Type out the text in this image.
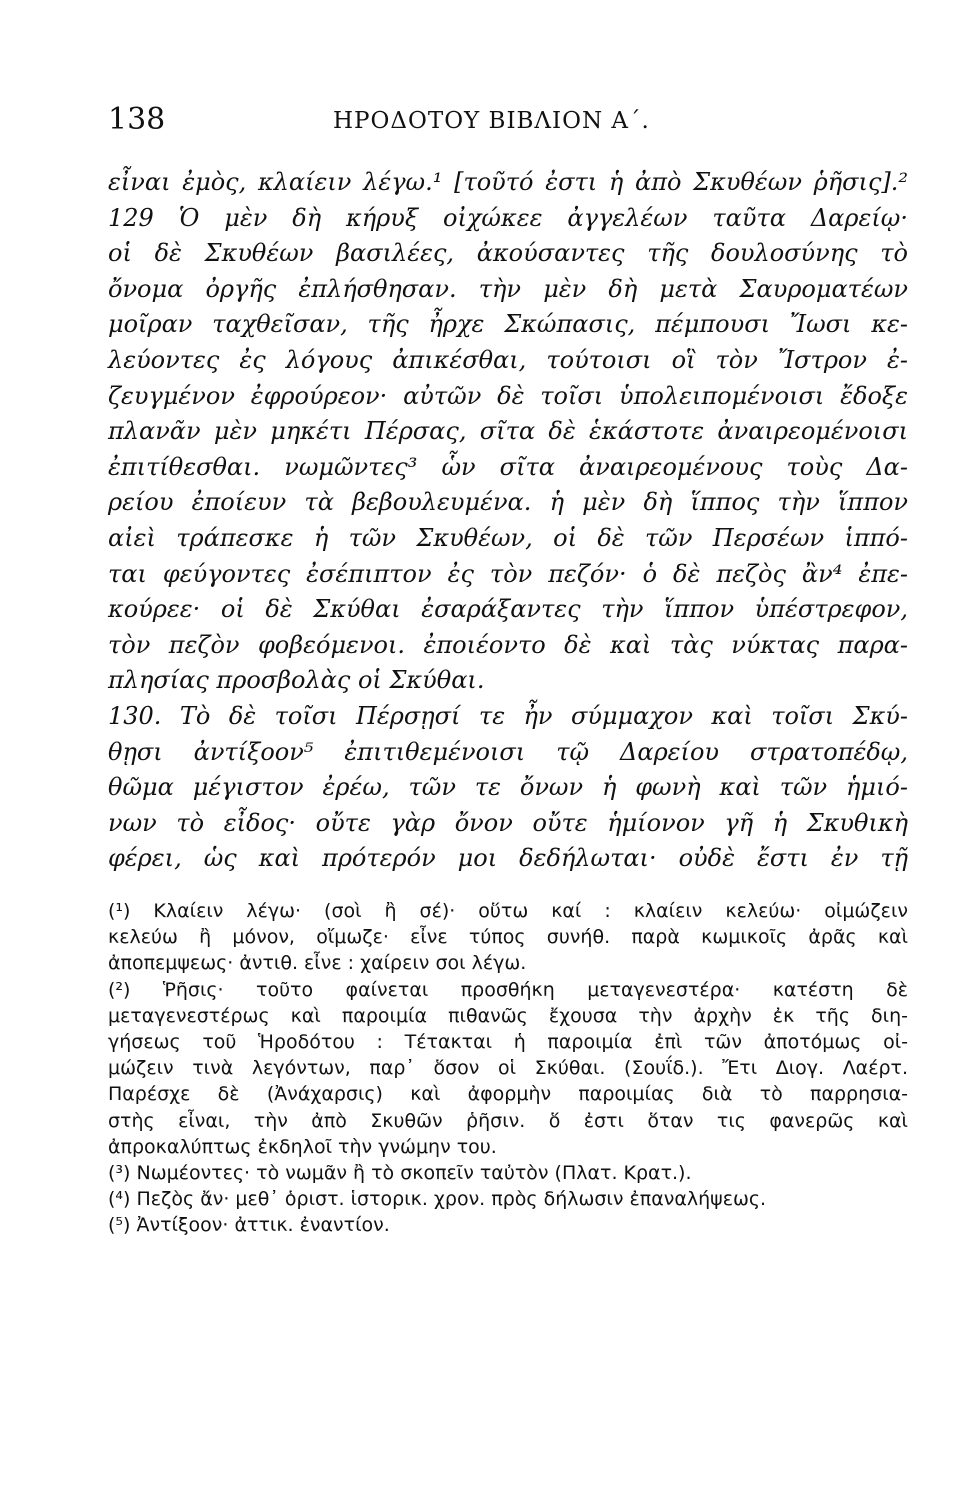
138	ΗΡΟΔΟΤΟΥ ΒΙΒΛΙΟΝ Α΄.
εἶναι ἐμὸς, κλαίειν λέγω.¹ [τοῦτό ἐστι ἡ ἀπὸ Σκυθέων ῥῆσις].²
129 Ὁ μὲν δὴ κήρυξ οἰχώκεε ἀγγελέων ταῦτα Δαρείῳ·
οἱ δὲ Σκυθέων βασιλέες, ἀκούσαντες τῆς δουλοσύνης τὸ
ὄνομα ὀργῆς ἐπλήσθησαν. τὴν μὲν δὴ μετὰ Σαυροματέων
μοῖραν ταχθεῖσαν, τῆς ἦρχε Σκώπασις, πέμπουσι Ἴωσι κε-
λεύοντες ἐς λόγους ἀπικέσθαι, τούτοισι οἳ τὸν Ἴστρον ἐ-
ζευγμένον ἐφρούρεον· αὐτῶν δὲ τοῖσι ὑπολειπομένοισι ἔδοξε
πλανᾶν μὲν μηκέτι Πέρσας, σῖτα δὲ ἑκάστοτε ἀναιρεομένοισι
ἐπιτίθεσθαι. νωμῶντες³ ὧν σῖτα ἀναιρεομένους τοὺς Δα-
ρείου ἐποίευν τὰ βεβουλευμένα. ἡ μὲν δὴ ἵππος τὴν ἵππον
αἰεὶ τράπεσκε ἡ τῶν Σκυθέων, οἱ δὲ τῶν Περσέων ἱππό-
ται φεύγοντες ἐσέπιπτον ἐς τὸν πεζόν· ὁ δὲ πεζὸς ἂν⁴ ἐπε-
κούρεε· οἱ δὲ Σκύθαι ἐσαράξαντες τὴν ἵππον ὑπέστρεφον,
τὸν πεζὸν φοβεόμενοι. ἐποιέοντο δὲ καὶ τὰς νύκτας παρα-
πλησίας προσβολὰς οἱ Σκύθαι.
130. Τὸ δὲ τοῖσι Πέρσῃσί τε ἦν σύμμαχον καὶ τοῖσι Σκύ-
θῃσι ἀντίξοον⁵ ἐπιτιθεμένοισι τῷ Δαρείου στρατοπέδῳ,
θῶμα μέγιστον ἐρέω, τῶν τε ὄνων ἡ φωνὴ καὶ τῶν ἡμιό-
νων τὸ εἶδος· οὔτε γὰρ ὄνον οὔτε ἡμίονον γῆ ἡ Σκυθικὴ
φέρει, ὡς καὶ πρότερόν μοι δεδήλωται· οὐδὲ ἔστι ἐν τῇ
(¹) Κλαίειν λέγω· (σοὶ ἢ σέ)· οὕτω καί : κλαίειν κελεύω· οἰμώζειν
κελεύω ἢ μόνον, οἴμωζε· εἶνε τύπος συνήθ. παρὰ κωμικοῖς ἀρᾶς καὶ
ἀποπεμψεως· ἀντιθ. εἶνε : χαίρειν σοι λέγω.
(²) Ῥῆσις· τοῦτο φαίνεται προσθήκη μεταγενεστέρα· κατέστη δὲ
μεταγενεστέρως καὶ παροιμία πιθανῶς ἔχουσα τὴν ἀρχὴν ἐκ τῆς διη-
γήσεως τοῦ Ἡροδότου : Τέτακται ἡ παροιμία ἐπὶ τῶν ἀποτόμως οἰ-
μώζειν τινὰ λεγόντων, παρ᾽ ὅσον οἱ Σκύθαι. (Σουΐδ.). Ἔτι Διογ. Λαέρτ.
Παρέσχε δὲ (Ἀνάχαρσις) καὶ ἀφορμὴν παροιμίας διὰ τὸ παρρησια-
στὴς εἶναι, τὴν ἀπὸ Σκυθῶν ῥῆσιν. ὅ ἐστι ὅταν τις φανερῶς καὶ
ἀπροκαλύπτως ἐκδηλοῖ τὴν γνώμην του.
(³) Νωμέοντες· τὸ νωμᾶν ἢ τὸ σκοπεῖν ταὐτὸν (Πλατ. Κρατ.).
(⁴) Πεζὸς ἄν· μεθ᾽ ὁριστ. ἱστορικ. χρον. πρὸς δήλωσιν ἐπαναλήψεως.
(⁵) Ἀντίξοον· ἀττικ. ἐναντίον.
